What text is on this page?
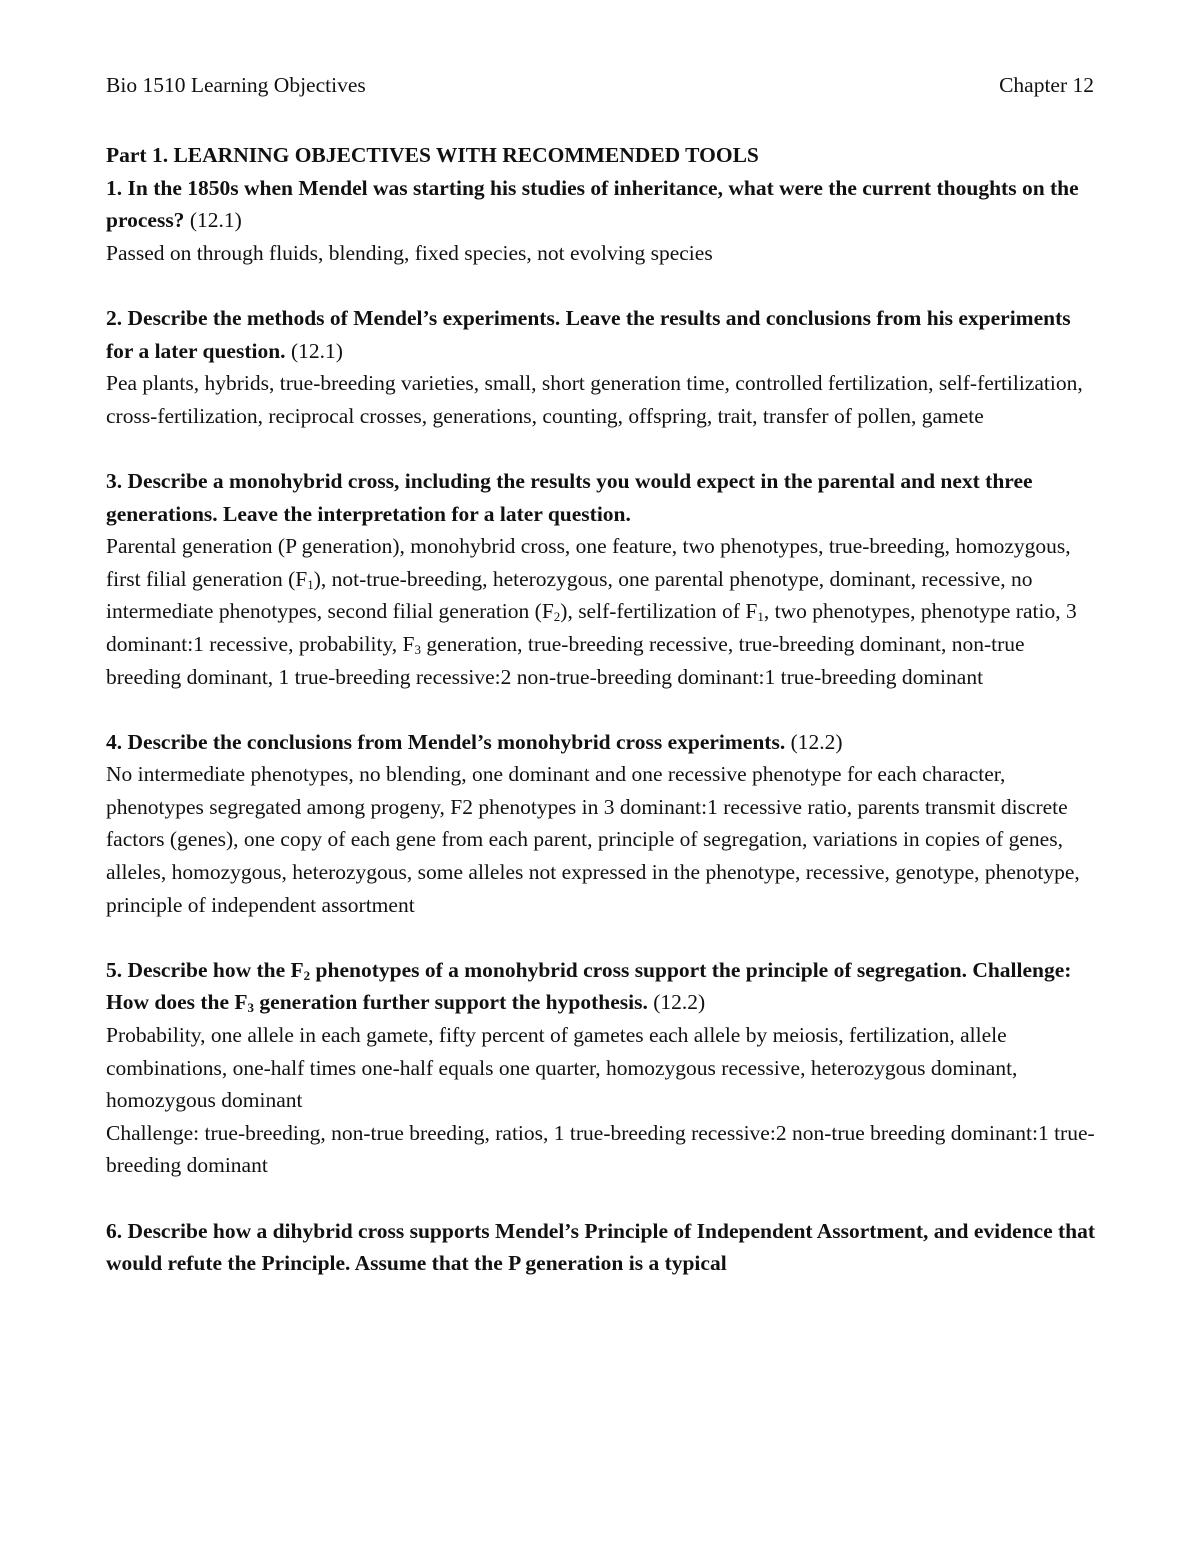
Bio 1510 Learning Objectives	Chapter 12

Part 1. LEARNING OBJECTIVES WITH RECOMMENDED TOOLS

1. In the 1850s when Mendel was starting his studies of inheritance, what were the current thoughts on the process? (12.1)

Passed on through fluids, blending, fixed species, not evolving species

2. Describe the methods of Mendel’s experiments. Leave the results and conclusions from his experiments for a later question. (12.1)

Pea plants, hybrids, true-breeding varieties, small, short generation time, controlled fertilization, self-fertilization, cross-fertilization, reciprocal crosses, generations, counting, offspring, trait, transfer of pollen, gamete

3. Describe a monohybrid cross, including the results you would expect in the parental and next three generations. Leave the interpretation for a later question.

Parental generation (P generation), monohybrid cross, one feature, two phenotypes, true-breeding, homozygous, first filial generation $(F_1)$, not-true-breeding, heterozygous, one parental phenotype, dominant, recessive, no intermediate phenotypes, second filial generation $(F_2)$, self-fertilization of $F_1$, two phenotypes, phenotype ratio, 3 dominant:1 recessive, probability, $F_3$ generation, true-breeding recessive, true-breeding dominant, non-true breeding dominant, 1 true-breeding recessive:2 non-true-breeding dominant:1 true-breeding dominant

4. Describe the conclusions from Mendel’s monohybrid cross experiments. (12.2)

No intermediate phenotypes, no blending, one dominant and one recessive phenotype for each character, phenotypes segregated among progeny, F2 phenotypes in 3 dominant:1 recessive ratio, parents transmit discrete factors (genes), one copy of each gene from each parent, principle of segregation, variations in copies of genes, alleles, homozygous, heterozygous, some alleles not expressed in the phenotype, recessive, genotype, phenotype, principle of independent assortment

5. Describe how the $F_2$ phenotypes of a monohybrid cross support the principle of segregation. Challenge: How does the $F_3$ generation further support the hypothesis. (12.2)

Probability, one allele in each gamete, fifty percent of gametes each allele by meiosis, fertilization, allele combinations, one-half times one-half equals one quarter, homozygous recessive, heterozygous dominant, homozygous dominant

Challenge: true-breeding, non-true breeding, ratios, 1 true-breeding recessive:2 non-true breeding dominant:1 true-breeding dominant

6. Describe how a dihybrid cross supports Mendel’s Principle of Independent Assortment, and evidence that would refute the Principle. Assume that the P generation is a typical
